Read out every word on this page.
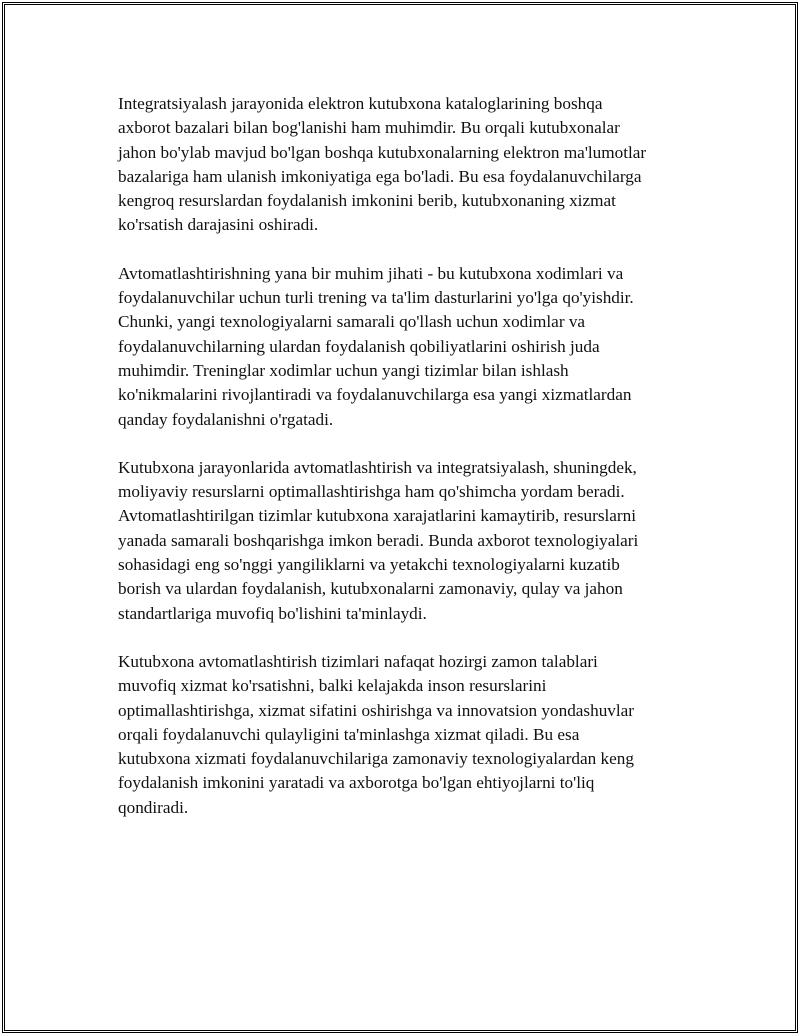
Integratsiyalash jarayonida elektron kutubxona kataloglarining boshqa
axborot bazalari bilan bog'lanishi ham muhimdir. Bu orqali kutubxonalar
jahon bo'ylab mavjud bo'lgan boshqa kutubxonalarning elektron ma'lumotlar
bazalariga ham ulanish imkoniyatiga ega bo'ladi. Bu esa foydalanuvchilarga
kengroq resurslardan foydalanish imkonini berib, kutubxonaning xizmat
ko'rsatish darajasini oshiradi.

Avtomatlashtirishning yana bir muhim jihati - bu kutubxona xodimlari va
foydalanuvchilar uchun turli trening va ta'lim dasturlarini yo'lga qo'yishdir.
Chunki, yangi texnologiyalarni samarali qo'llash uchun xodimlar va
foydalanuvchilarning ulardan foydalanish qobiliyatlarini oshirish juda
muhimdir. Treninglar xodimlar uchun yangi tizimlar bilan ishlash
ko'nikmalarini rivojlantiradi va foydalanuvchilarga esa yangi xizmatlardan
qanday foydalanishni o'rgatadi.

Kutubxona jarayonlarida avtomatlashtirish va integratsiyalash, shuningdek,
moliyaviy resurslarni optimallashtirishga ham qo'shimcha yordam beradi.
Avtomatlashtirilgan tizimlar kutubxona xarajatlarini kamaytirib, resurslarni
yanada samarali boshqarishga imkon beradi. Bunda axborot texnologiyalari
sohasidagi eng so'nggi yangiliklarni va yetakchi texnologiyalarni kuzatib
borish va ulardan foydalanish, kutubxonalarni zamonaviy, qulay va jahon
standartlariga muvofiq bo'lishini ta'minlaydi.

Kutubxona avtomatlashtirish tizimlari nafaqat hozirgi zamon talablari
muvofiq xizmat ko'rsatishni, balki kelajakda inson resurslarini
optimallashtirishga, xizmat sifatini oshirishga va innovatsion yondashuvlar
orqali foydalanuvchi qulayligini ta'minlashga xizmat qiladi. Bu esa
kutubxona xizmati foydalanuvchilariga zamonaviy texnologiyalardan keng
foydalanish imkonini yaratadi va axborotga bo'lgan ehtiyojlarni to'liq
qondiradi.
